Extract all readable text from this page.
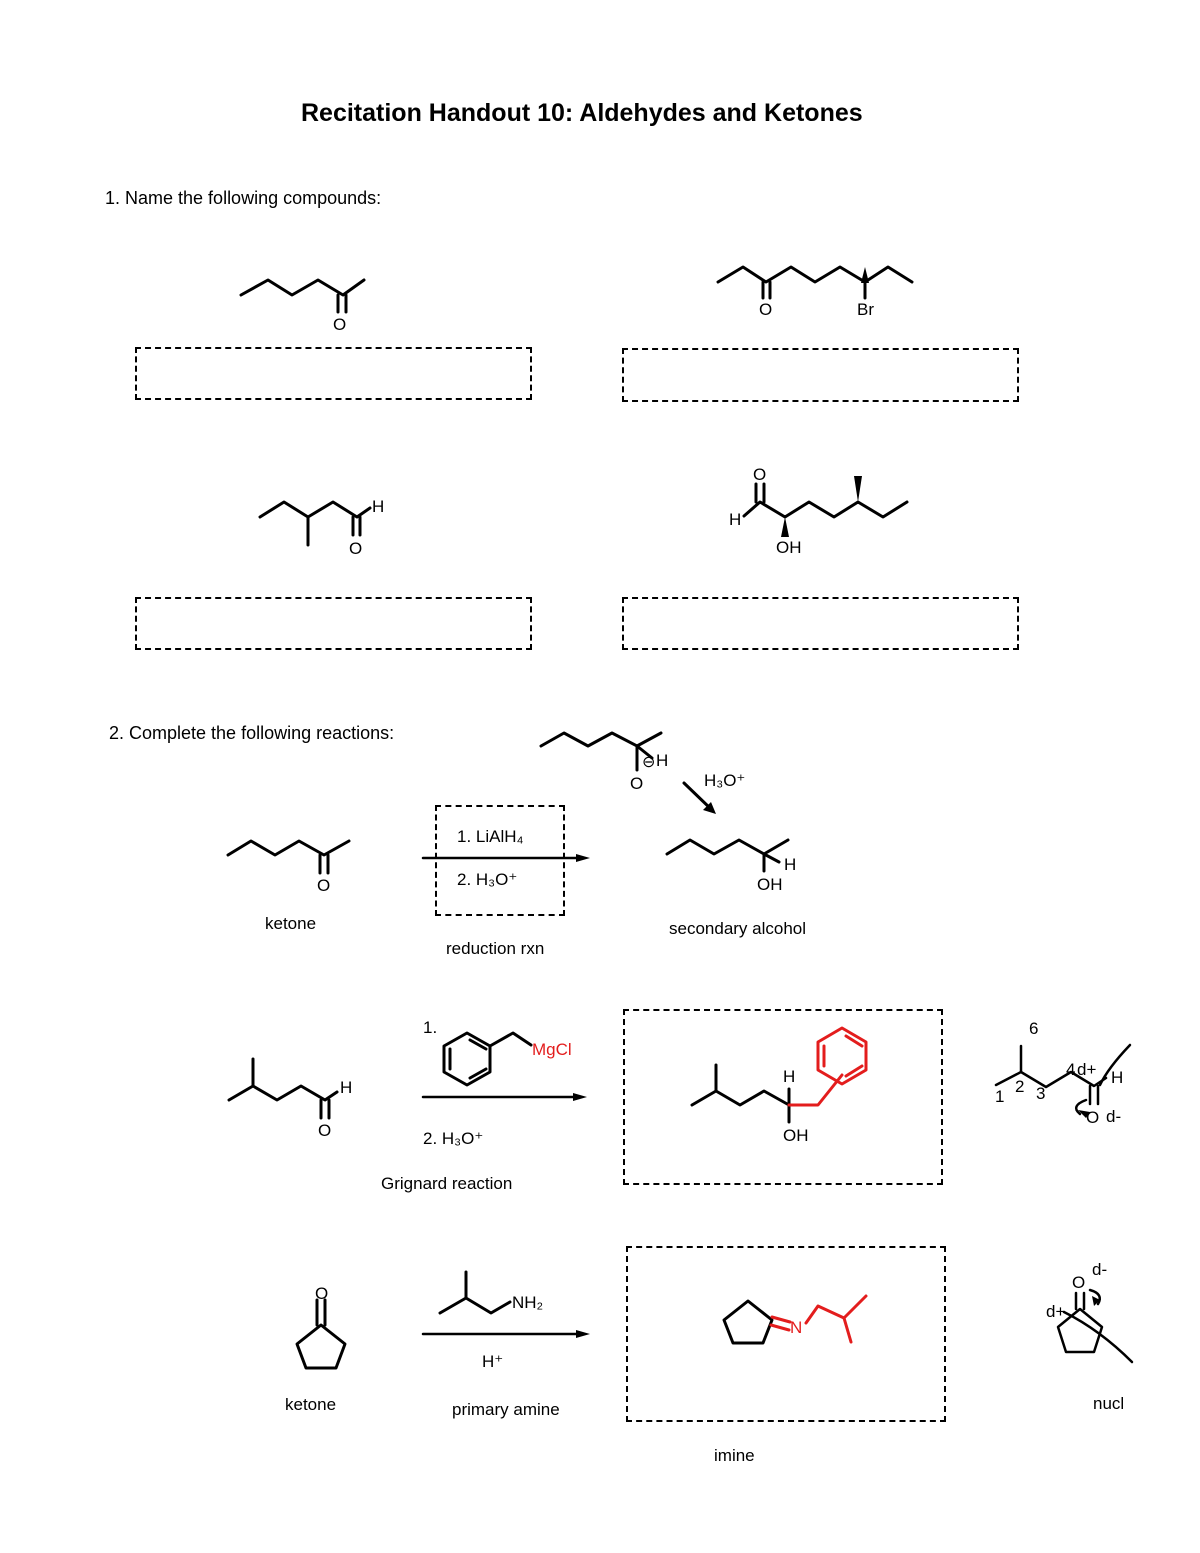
Recitation Handout 10: Aldehydes and Ketones
1. Name the following compounds:
2. Complete the following reactions:
O
O	Br
H
O
O
H
OH
O
⊖ H
H₃O⁺
O
ketone
1. LiAlH₄
2. H₃O⁺
reduction rxn
H
OH
secondary alcohol
H
O
1.
MgCl
2. H₃O⁺
Grignard reaction
H
OH
6
1
2 3
4 d+ H
O d-
O
ketone
NH₂
H⁺
primary amine
N
imine
O
d-
d+
nucl
